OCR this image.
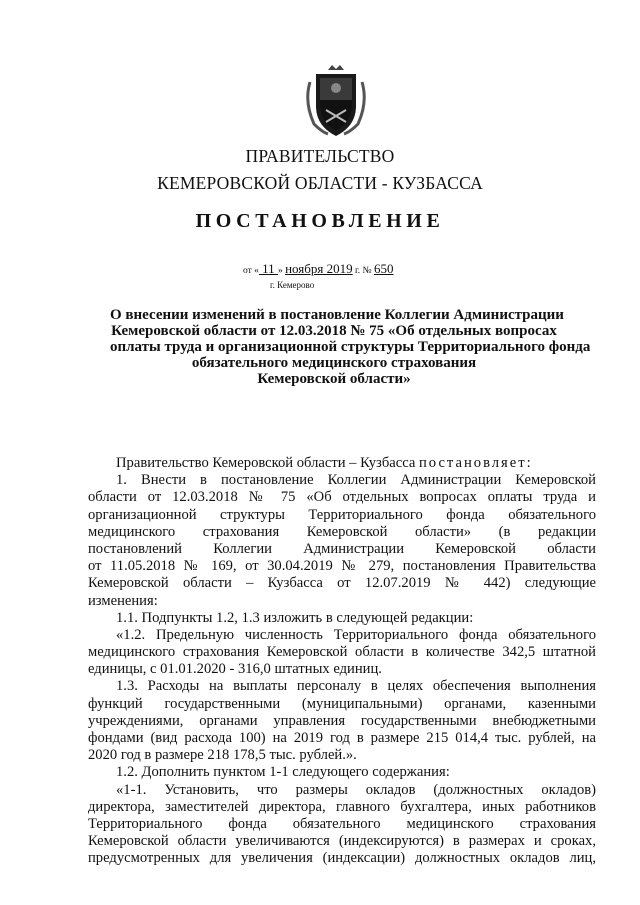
ПРАВИТЕЛЬСТВО
КЕМЕРОВСКОЙ ОБЛАСТИ - КУЗБАССА
ПОСТАНОВЛЕНИЕ
от « 11 » ноября 2019 г. № 650
г. Кемерово
О внесении изменений в постановление Коллегии Администрации
Кемеровской области от 12.03.2018 № 75 «Об отдельных вопросах
оплаты труда и организационной структуры Территориального фонда
обязательного медицинского страхования
Кемеровской области»
Правительство Кемеровской области – Кузбасса постановляет:
1. Внести в постановление Коллегии Администрации Кемеровской
области от 12.03.2018 № 75 «Об отдельных вопросах оплаты труда и
организационной структуры Территориального фонда обязательного
медицинского страхования Кемеровской области» (в редакции
постановлений Коллегии Администрации Кемеровской области
от 11.05.2018 № 169, от 30.04.2019 № 279, постановления Правительства
Кемеровской области – Кузбасса от 12.07.2019 № 442) следующие
изменения:
1.1. Подпункты 1.2, 1.3 изложить в следующей редакции:
«1.2. Предельную численность Территориального фонда обязательного
медицинского страхования Кемеровской области в количестве 342,5 штатной
единицы, с 01.01.2020 - 316,0 штатных единиц.
1.3. Расходы на выплаты персоналу в целях обеспечения выполнения
функций государственными (муниципальными) органами, казенными
учреждениями, органами управления государственными внебюджетными
фондами (вид расхода 100) на 2019 год в размере 215 014,4 тыс. рублей, на
2020 год в размере 218 178,5 тыс. рублей.».
1.2. Дополнить пунктом 1-1 следующего содержания:
«1-1. Установить, что размеры окладов (должностных окладов)
директора, заместителей директора, главного бухгалтера, иных работников
Территориального фонда обязательного медицинского страхования
Кемеровской области увеличиваются (индексируются) в размерах и сроках,
предусмотренных для увеличения (индексации) должностных окладов лиц,
